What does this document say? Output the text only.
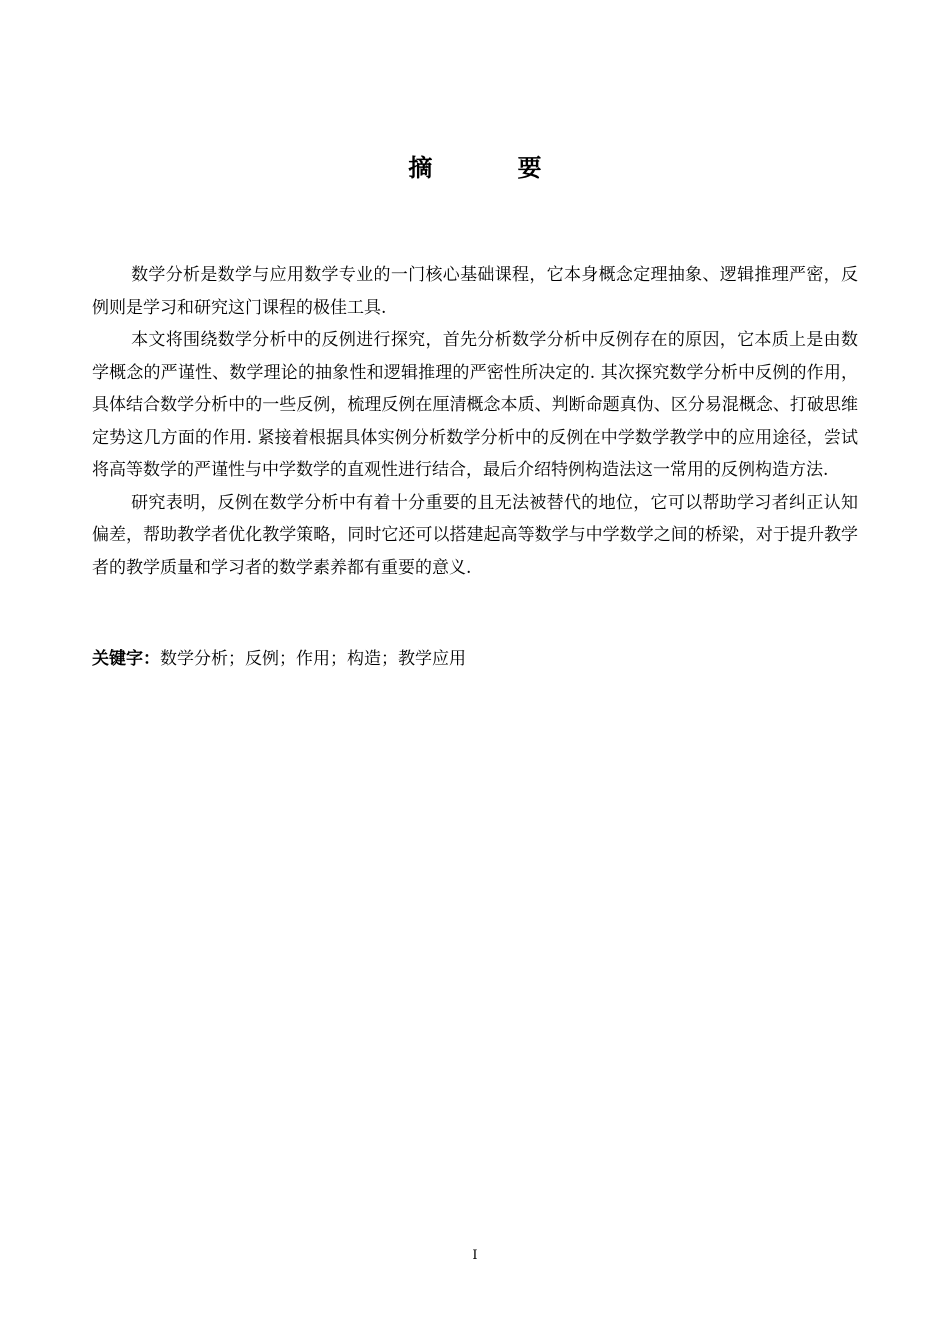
摘 要

数学分析是数学与应用数学专业的一门核心基础课程，它本身概念定理抽象、逻辑推理严密，反例则是学习和研究这门课程的极佳工具.

本文将围绕数学分析中的反例进行探究，首先分析数学分析中反例存在的原因，它本质上是由数学概念的严谨性、数学理论的抽象性和逻辑推理的严密性所决定的. 其次探究数学分析中反例的作用，具体结合数学分析中的一些反例，梳理反例在厘清概念本质、判断命题真伪、区分易混概念、打破思维定势这几方面的作用. 紧接着根据具体实例分析数学分析中的反例在中学数学教学中的应用途径，尝试将高等数学的严谨性与中学数学的直观性进行结合，最后介绍特例构造法这一常用的反例构造方法.

研究表明，反例在数学分析中有着十分重要的且无法被替代的地位，它可以帮助学习者纠正认知偏差，帮助教学者优化教学策略，同时它还可以搭建起高等数学与中学数学之间的桥梁，对于提升教学者的教学质量和学习者的数学素养都有重要的意义.

关键字：数学分析；反例；作用；构造；教学应用
I
